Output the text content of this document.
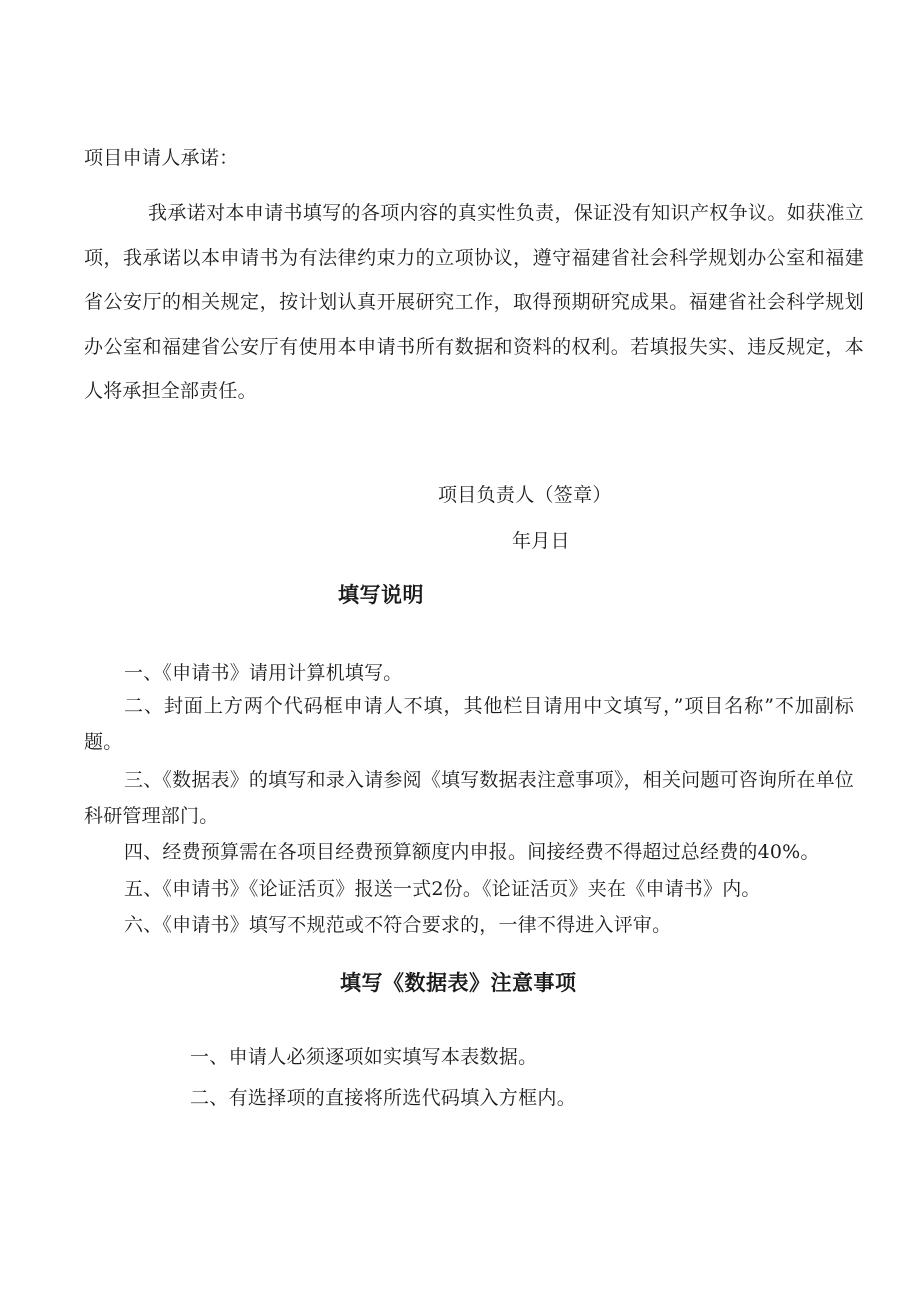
项目申请人承诺：
我承诺对本申请书填写的各项内容的真实性负责，保证没有知识产权争议。如获准立项，我承诺以本申请书为有法律约束力的立项协议，遵守福建省社会科学规划办公室和福建省公安厅的相关规定，按计划认真开展研究工作，取得预期研究成果。福建省社会科学规划办公室和福建省公安厅有使用本申请书所有数据和资料的权利。若填报失实、违反规定，本人将承担全部责任。
项目负责人（签章）
年月日
填写说明
一、《申请书》请用计算机填写。
二、封面上方两个代码框申请人不填，其他栏目请用中文填写，”项目名称”不加副标题。
三、《数据表》的填写和录入请参阅《填写数据表注意事项》，相关问题可咨询所在单位科研管理部门。
四、经费预算需在各项目经费预算额度内申报。间接经费不得超过总经费的40%。
五、《申请书》《论证活页》报送一式2份。《论证活页》夹在《申请书》内。
六、《申请书》填写不规范或不符合要求的，一律不得进入评审。
填写《数据表》注意事项
一、申请人必须逐项如实填写本表数据。
二、有选择项的直接将所选代码填入方框内。
